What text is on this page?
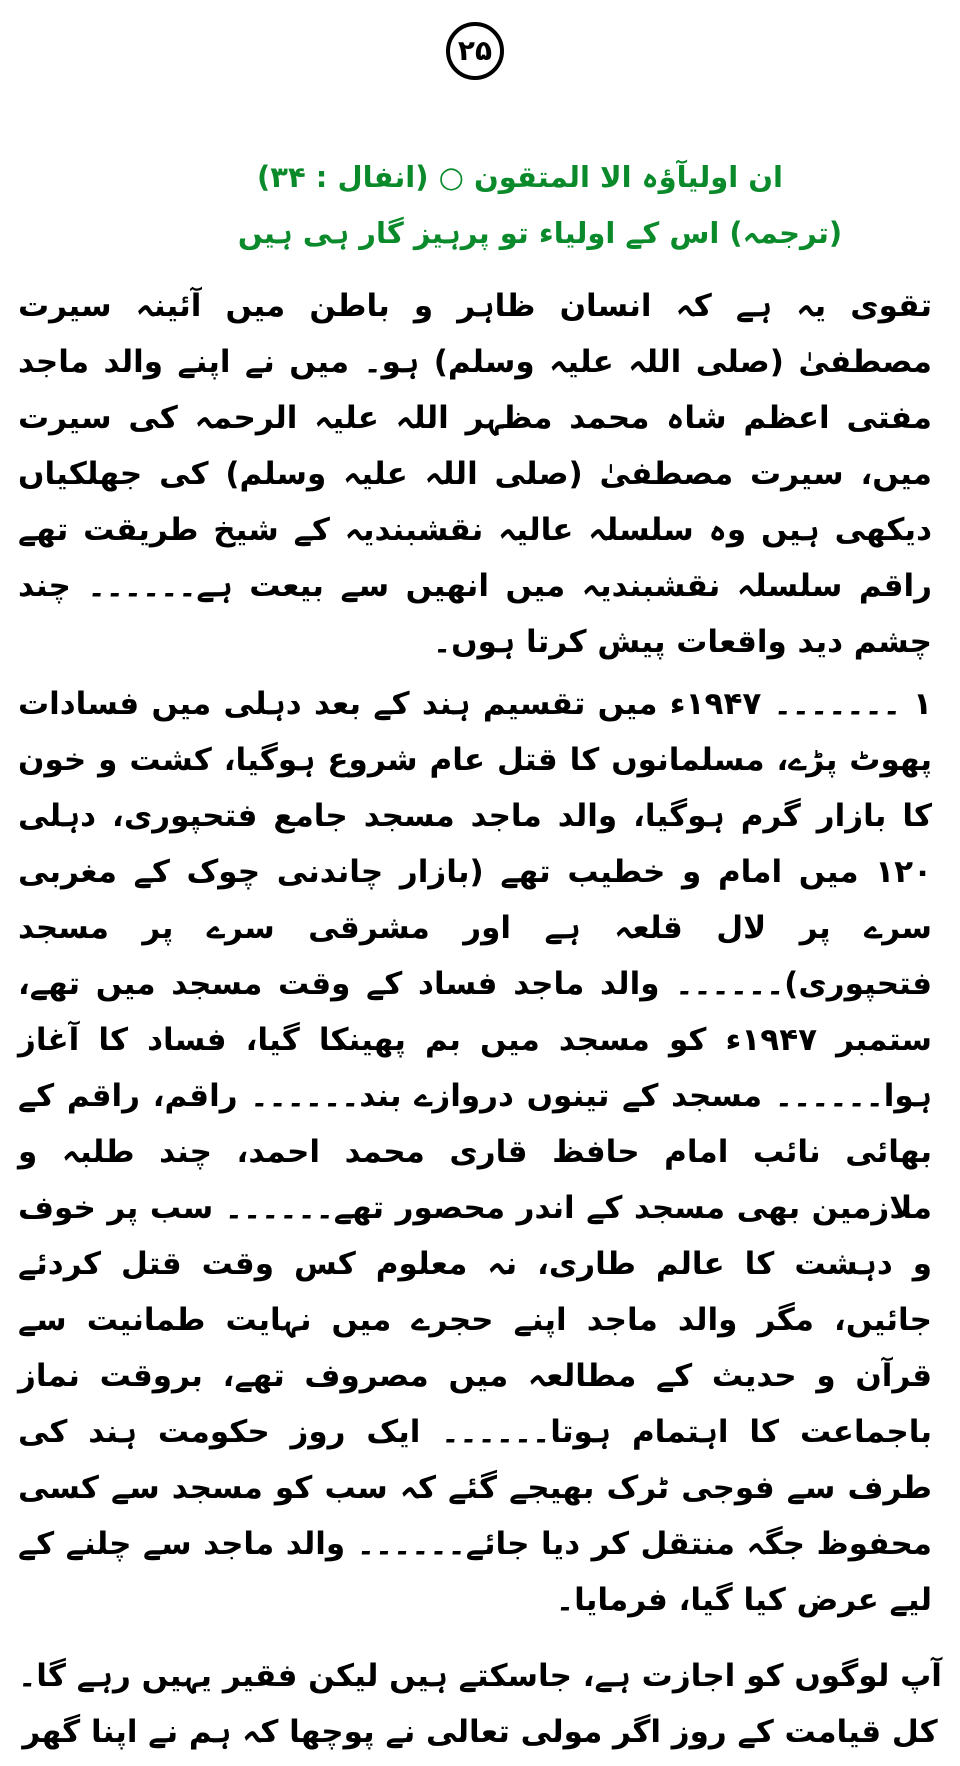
۲۵
ان اولیآؤہ الا المتقون ○ (انفال : ۳۴)
(ترجمہ) اس کے اولیاء تو پرہیز گار ہی ہیں
تقوی یہ ہے کہ انسان ظاہر و باطن میں آئینہ سیرت مصطفیٰ (صلی اللہ علیہ وسلم) ہو۔ میں نے اپنے والد ماجد مفتی اعظم شاہ محمد مظہر اللہ علیہ الرحمہ کی سیرت میں، سیرت مصطفیٰ (صلی اللہ علیہ وسلم) کی جھلکیاں دیکھی ہیں وہ سلسلہ عالیہ نقشبندیہ کے شیخ طریقت تھے راقم سلسلہ نقشبندیہ میں انھیں سے بیعت ہے۔۔۔۔۔۔ چند چشم دید واقعات پیش کرتا ہوں۔
۱ ۔۔۔۔۔۔۔ ۱۹۴۷ء میں تقسیم ہند کے بعد دہلی میں فسادات پھوٹ پڑے، مسلمانوں کا قتل عام شروع ہوگیا، کشت و خون کا بازار گرم ہوگیا، والد ماجد مسجد جامع فتحپوری، دہلی ۱۲۰ میں امام و خطیب تھے (بازار چاندنی چوک کے مغربی سرے پر لال قلعہ ہے اور مشرقی سرے پر مسجد فتحپوری)۔۔۔۔۔۔ والد ماجد فساد کے وقت مسجد میں تھے، ستمبر ۱۹۴۷ء کو مسجد میں بم پھینکا گیا، فساد کا آغاز ہوا۔۔۔۔۔۔ مسجد کے تینوں دروازے بند۔۔۔۔۔۔ راقم، راقم کے بھائی نائب امام حافظ قاری محمد احمد، چند طلبہ و ملازمین بھی مسجد کے اندر محصور تھے۔۔۔۔۔۔ سب پر خوف و دہشت کا عالم طاری، نہ معلوم کس وقت قتل کردئے جائیں، مگر والد ماجد اپنے حجرے میں نہایت طمانیت سے قرآن و حدیث کے مطالعہ میں مصروف تھے، بروقت نماز باجماعت کا اہتمام ہوتا۔۔۔۔۔۔ ایک روز حکومت ہند کی طرف سے فوجی ٹرک بھیجے گئے کہ سب کو مسجد سے کسی محفوظ جگہ منتقل کر دیا جائے۔۔۔۔۔۔ والد ماجد سے چلنے کے لیے عرض کیا گیا، فرمایا۔
آپ لوگوں کو اجازت ہے، جاسکتے ہیں لیکن فقیر یہیں رہے گا۔
کل قیامت کے روز اگر مولی تعالی نے پوچھا کہ ہم نے اپنا گھر
